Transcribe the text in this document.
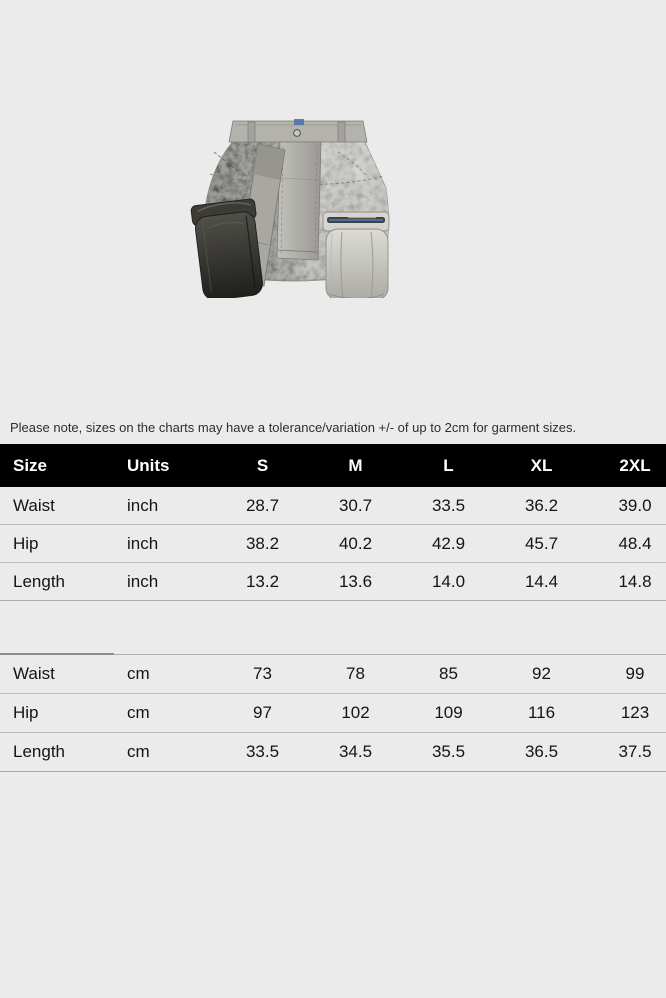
Please note, sizes on the charts may have a tolerance/variation +/- of up to 2cm for garment sizes.
Size	Units	S	M	L	XL	2XL
Waist	inch	28.7	30.7	33.5	36.2	39.0
Hip	inch	38.2	40.2	42.9	45.7	48.4
Length	inch	13.2	13.6	14.0	14.4	14.8

Waist	cm	73	78	85	92	99
Hip	cm	97	102	109	116	123
Length	cm	33.5	34.5	35.5	36.5	37.5
